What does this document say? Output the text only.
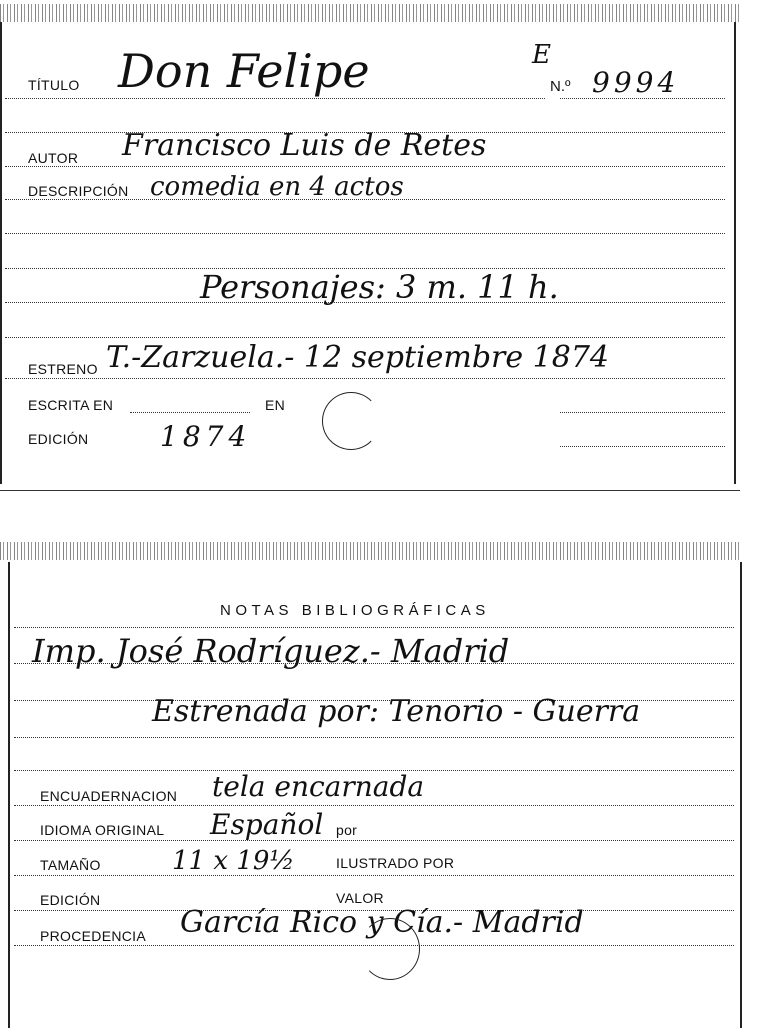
TÍTULO Don Felipe	E
N.º 9994
AUTOR Francisco Luis de Retes
DESCRIPCIÓN comedia en 4 actos
Personajes: 3 m. 11 h.
ESTRENO T.-Zarzuela.- 12 septiembre 1874
ESCRITA EN	EN
EDICIÓN	1874
NOTAS BIBLIOGRÁFICAS
Imp. José Rodríguez.- Madrid
Estrenada por: Tenorio - Guerra
ENCUADERNACION tela encarnada
IDIOMA ORIGINAL Español por
TAMAÑO	11 x 19½	ILUSTRADO POR
EDICIÓN	VALOR
PROCEDENCIA García Rico y Cía.- Madrid
